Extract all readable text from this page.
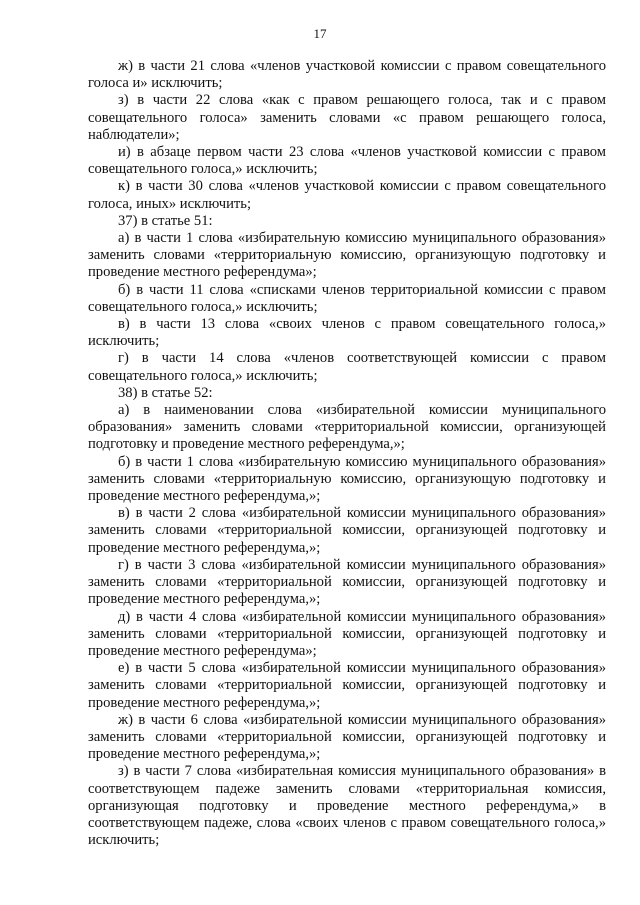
17

ж) в части 21 слова «членов участковой комиссии с правом совещательного голоса и» исключить;

з) в части 22 слова «как с правом решающего голоса, так и с правом совещательного голоса» заменить словами «с правом решающего голоса, наблюдатели»;

и) в абзаце первом части 23 слова «членов участковой комиссии с правом совещательного голоса,» исключить;

к) в части 30 слова «членов участковой комиссии с правом совещательного голоса, иных» исключить;

37) в статье 51:

а) в части 1 слова «избирательную комиссию муниципального образования» заменить словами «территориальную комиссию, организующую подготовку и проведение местного референдума»;

б) в части 11 слова «списками членов территориальной комиссии с правом совещательного голоса,» исключить;

в) в части 13 слова «своих членов с правом совещательного голоса,» исключить;

г) в части 14 слова «членов соответствующей комиссии с правом совещательного голоса,» исключить;

38) в статье 52:

а) в наименовании слова «избирательной комиссии муниципального образования» заменить словами «территориальной комиссии, организующей подготовку и проведение местного референдума,»;

б) в части 1 слова «избирательную комиссию муниципального образования» заменить словами «территориальную комиссию, организующую подготовку и проведение местного референдума,»;

в) в части 2 слова «избирательной комиссии муниципального образования» заменить словами «территориальной комиссии, организующей подготовку и проведение местного референдума,»;

г) в части 3 слова «избирательной комиссии муниципального образования» заменить словами «территориальной комиссии, организующей подготовку и проведение местного референдума,»;

д) в части 4 слова «избирательной комиссии муниципального образования» заменить словами «территориальной комиссии, организующей подготовку и проведение местного референдума»;

е) в части 5 слова «избирательной комиссии муниципального образования» заменить словами «территориальной комиссии, организующей подготовку и проведение местного референдума,»;

ж) в части 6 слова «избирательной комиссии муниципального образования» заменить словами «территориальной комиссии, организующей подготовку и проведение местного референдума,»;

з) в части 7 слова «избирательная комиссия муниципального образования» в соответствующем падеже заменить словами «территориальная комиссия, организующая подготовку и проведение местного референдума,» в соответствующем падеже, слова «своих членов с правом совещательного голоса,» исключить;
